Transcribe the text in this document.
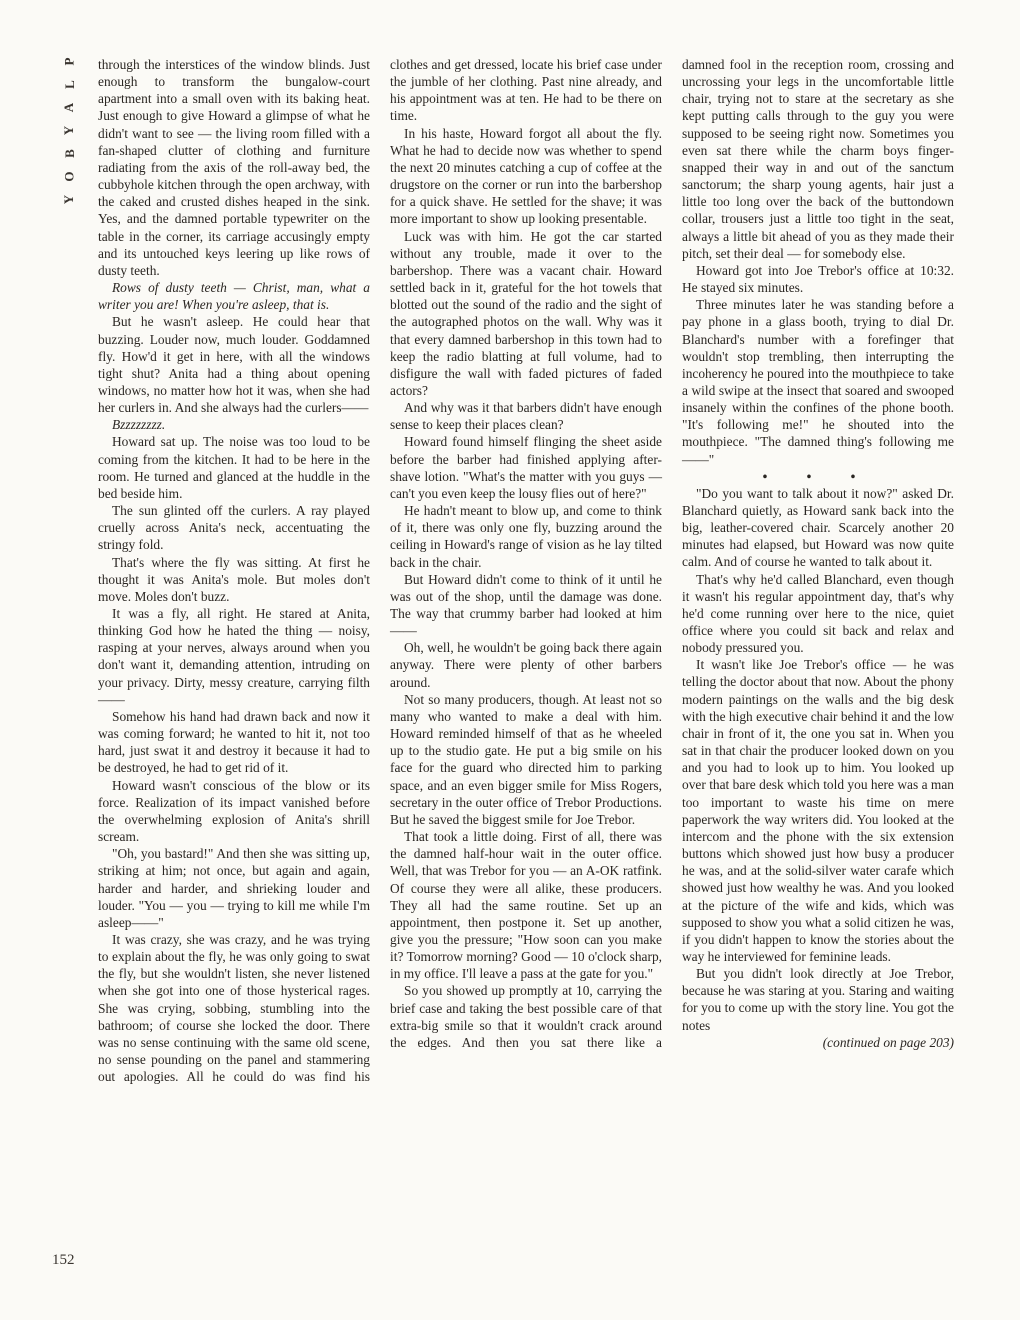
P
L
A
Y
B
O
Y
152

through the interstices of the window blinds. Just enough to transform the bungalow-court apartment into a small oven with its baking heat. Just enough to give Howard a glimpse of what he didn't want to see — the living room filled with a fan-shaped clutter of clothing and furniture radiating from the axis of the roll-away bed, the cubbyhole kitchen through the open archway, with the caked and crusted dishes heaped in the sink. Yes, and the damned portable typewriter on the table in the corner, its carriage accusingly empty and its untouched keys leering up like rows of dusty teeth.

Rows of dusty teeth — Christ, man, what a writer you are! When you're asleep, that is.

But he wasn't asleep. He could hear that buzzing. Louder now, much louder. Goddamned fly. How'd it get in here, with all the windows tight shut? Anita had a thing about opening windows, no matter how hot it was, when she had her curlers in. And she always had the curlers——

Bzzzzzzzz.

Howard sat up. The noise was too loud to be coming from the kitchen. It had to be here in the room. He turned and glanced at the huddle in the bed beside him.

The sun glinted off the curlers. A ray played cruelly across Anita's neck, accentuating the stringy fold.

That's where the fly was sitting. At first he thought it was Anita's mole. But moles don't move. Moles don't buzz.

It was a fly, all right. He stared at Anita, thinking God how he hated the thing — noisy, rasping at your nerves, always around when you don't want it, demanding attention, intruding on your privacy. Dirty, messy creature, carrying filth——

Somehow his hand had drawn back and now it was coming forward; he wanted to hit it, not too hard, just swat it and destroy it because it had to be destroyed, he had to get rid of it.

Howard wasn't conscious of the blow or its force. Realization of its impact vanished before the overwhelming explosion of Anita's shrill scream.

"Oh, you bastard!" And then she was sitting up, striking at him; not once, but again and again, harder and harder, and shrieking louder and louder. "You — you — trying to kill me while I'm asleep——"

It was crazy, she was crazy, and he was trying to explain about the fly, he was only going to swat the fly, but she wouldn't listen, she never listened when she got into one of those hysterical rages. She was crying, sobbing, stumbling into the bathroom; of course she locked the door. There was no sense continuing with the same old scene, no sense pounding on the panel and stammering out apologies. All he could do was find his

clothes and get dressed, locate his brief case under the jumble of her clothing. Past nine already, and his appointment was at ten. He had to be there on time.

In his haste, Howard forgot all about the fly. What he had to decide now was whether to spend the next 20 minutes catching a cup of coffee at the drugstore on the corner or run into the barbershop for a quick shave. He settled for the shave; it was more important to show up looking presentable.

Luck was with him. He got the car started without any trouble, made it over to the barbershop. There was a vacant chair. Howard settled back in it, grateful for the hot towels that blotted out the sound of the radio and the sight of the autographed photos on the wall. Why was it that every damned barbershop in this town had to keep the radio blatting at full volume, had to disfigure the wall with faded pictures of faded actors?

And why was it that barbers didn't have enough sense to keep their places clean?

Howard found himself flinging the sheet aside before the barber had finished applying after-shave lotion. "What's the matter with you guys — can't you even keep the lousy flies out of here?"

He hadn't meant to blow up, and come to think of it, there was only one fly, buzzing around the ceiling in Howard's range of vision as he lay tilted back in the chair.

But Howard didn't come to think of it until he was out of the shop, until the damage was done. The way that crummy barber had looked at him——

Oh, well, he wouldn't be going back there again anyway. There were plenty of other barbers around.

Not so many producers, though. At least not so many who wanted to make a deal with him. Howard reminded himself of that as he wheeled up to the studio gate. He put a big smile on his face for the guard who directed him to parking space, and an even bigger smile for Miss Rogers, secretary in the outer office of Trebor Productions. But he saved the biggest smile for Joe Trebor.

That took a little doing. First of all, there was the damned half-hour wait in the outer office. Well, that was Trebor for you — an A-OK ratfink. Of course they were all alike, these producers. They all had the same routine. Set up an appointment, then postpone it. Set up another, give you the pressure; "How soon can you make it? Tomorrow morning? Good — 10 o'clock sharp, in my office. I'll leave a pass at the gate for you."

So you showed up promptly at 10, carrying the brief case and taking the best possible care of that extra-big smile so that it wouldn't crack around the edges. And then you sat there like a

damned fool in the reception room, crossing and uncrossing your legs in the uncomfortable little chair, trying not to stare at the secretary as she kept putting calls through to the guy you were supposed to be seeing right now. Sometimes you even sat there while the charm boys finger-snapped their way in and out of the sanctum sanctorum; the sharp young agents, hair just a little too long over the back of the buttondown collar, trousers just a little too tight in the seat, always a little bit ahead of you as they made their pitch, set their deal — for somebody else.

Howard got into Joe Trebor's office at 10:32. He stayed six minutes.

Three minutes later he was standing before a pay phone in a glass booth, trying to dial Dr. Blanchard's number with a forefinger that wouldn't stop trembling, then interrupting the incoherency he poured into the mouthpiece to take a wild swipe at the insect that soared and swooped insanely within the confines of the phone booth. "It's following me!" he shouted into the mouthpiece. "The damned thing's following me——"

• • •

"Do you want to talk about it now?" asked Dr. Blanchard quietly, as Howard sank back into the big, leather-covered chair. Scarcely another 20 minutes had elapsed, but Howard was now quite calm. And of course he wanted to talk about it.

That's why he'd called Blanchard, even though it wasn't his regular appointment day, that's why he'd come running over here to the nice, quiet office where you could sit back and relax and nobody pressured you.

It wasn't like Joe Trebor's office — he was telling the doctor about that now. About the phony modern paintings on the walls and the big desk with the high executive chair behind it and the low chair in front of it, the one you sat in. When you sat in that chair the producer looked down on you and you had to look up to him. You looked up over that bare desk which told you here was a man too important to waste his time on mere paperwork the way writers did. You looked at the intercom and the phone with the six extension buttons which showed just how busy a producer he was, and at the solid-silver water carafe which showed just how wealthy he was. And you looked at the picture of the wife and kids, which was supposed to show you what a solid citizen he was, if you didn't happen to know the stories about the way he interviewed for feminine leads.

But you didn't look directly at Joe Trebor, because he was staring at you. Staring and waiting for you to come up with the story line. You got the notes

(continued on page 203)
